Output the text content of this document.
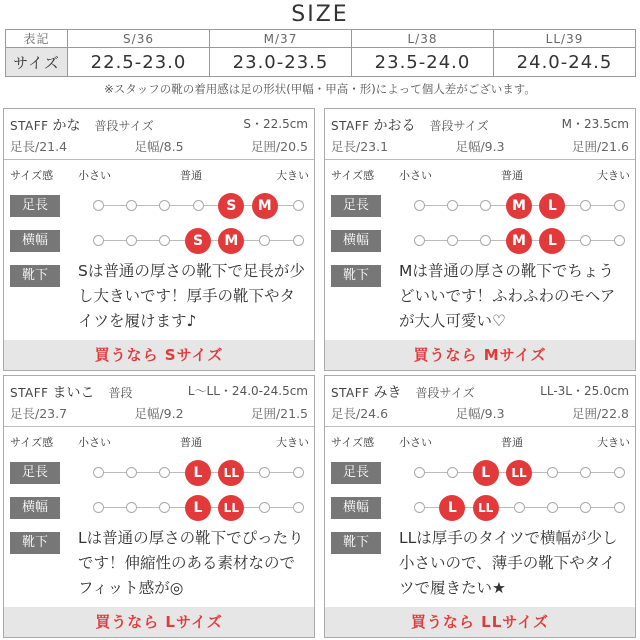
SIZE
表記	S/36	M/37	L/38	LL/39
サイズ	22.5-23.0	23.0-23.5	23.5-24.0	24.0-24.5
※スタッフの靴の着用感は足の形状(甲幅・甲高・形)によって個人差がございます。
STAFF かな 普段サイズ	S・22.5cm
足長/21.4	足幅/8.5	足囲/20.5
サイズ感 小さい	普通	大きい
足長	S	M
横幅	S	M
靴下	Sは普通の厚さの靴下で足長が少し大きいです！厚手の靴下やタイツを履けます♪
買うなら Sサイズ
STAFF かおる 普段サイズ	M・23.5cm
足長/23.1	足幅/9.3	足囲/21.6
サイズ感 小さい	普通	大きい
足長	M	L
横幅	M	L
靴下	Mは普通の厚さの靴下でちょうどいいです！ふわふわのモヘアが大人可愛い♡
買うなら Mサイズ
STAFF まいこ 普段	L〜LL・24.0-24.5cm
足長/23.7	足幅/9.2	足囲/21.5
サイズ感 小さい	普通	大きい
足長	L	LL
横幅	L	LL
靴下	Lは普通の厚さの靴下でぴったりです！伸縮性のある素材なのでフィット感が◎
買うなら Lサイズ
STAFF みき 普段サイズ	LL-3L・25.0cm
足長/24.6	足幅/9.3	足囲/22.8
サイズ感 小さい	普通	大きい
足長	L	LL
横幅	L	LL
靴下	LLは厚手のタイツで横幅が少し小さいので、薄手の靴下やタイツで履きたい★
買うなら LLサイズ
